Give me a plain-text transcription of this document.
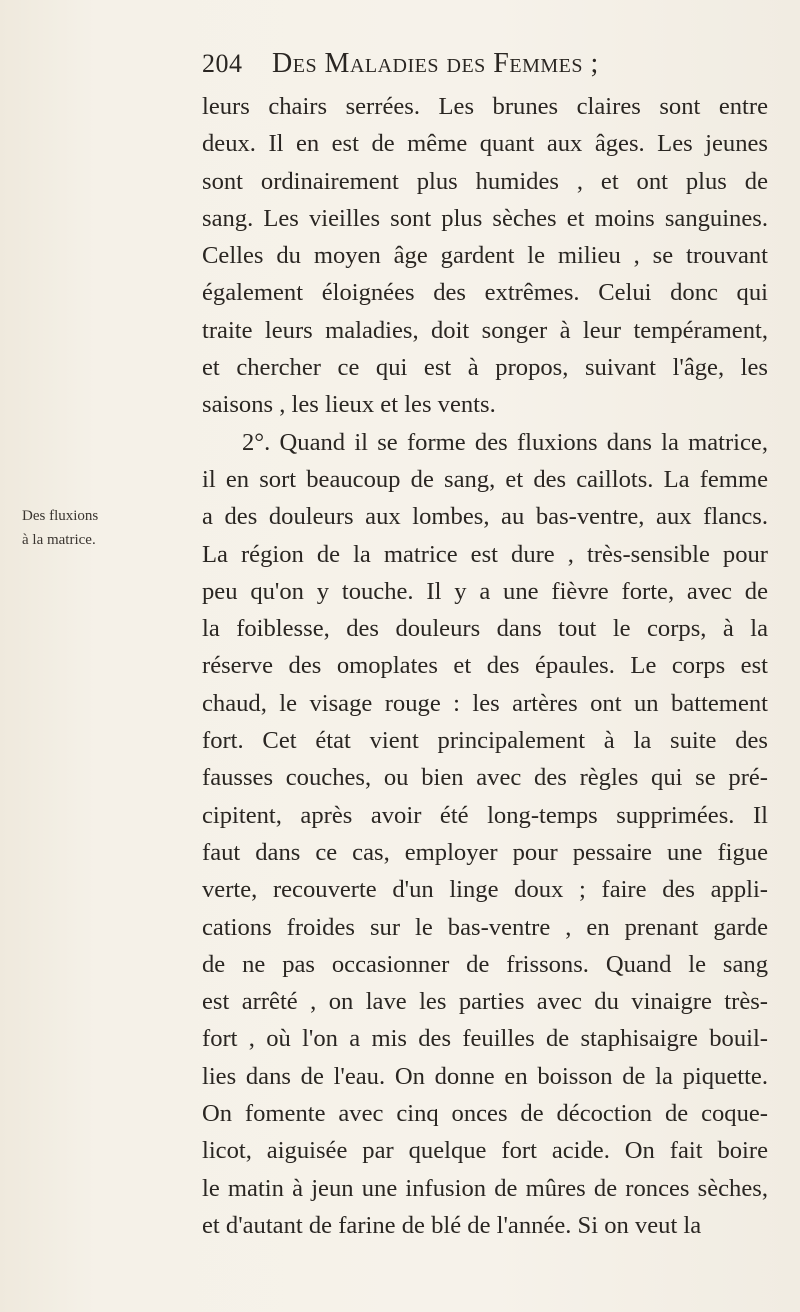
204 Des Maladies des Femmes ;
Des fluxions
à la matrice.
leurs chairs serrées. Les brunes claires sont entre
deux. Il en est de même quant aux âges. Les jeunes
sont ordinairement plus humides , et ont plus de
sang. Les vieilles sont plus sèches et moins sanguines.
Celles du moyen âge gardent le milieu , se trouvant
également éloignées des extrêmes. Celui donc qui
traite leurs maladies, doit songer à leur tempérament,
et chercher ce qui est à propos, suivant l'âge, les
saisons , les lieux et les vents.
2°. Quand il se forme des fluxions dans la matrice,
il en sort beaucoup de sang, et des caillots. La femme
a des douleurs aux lombes, au bas-ventre, aux flancs.
La région de la matrice est dure , très-sensible pour
peu qu'on y touche. Il y a une fièvre forte, avec de
la foiblesse, des douleurs dans tout le corps, à la
réserve des omoplates et des épaules. Le corps est
chaud, le visage rouge : les artères ont un battement
fort. Cet état vient principalement à la suite des
fausses couches, ou bien avec des règles qui se pré-
cipitent, après avoir été long-temps supprimées. Il
faut dans ce cas, employer pour pessaire une figue
verte, recouverte d'un linge doux ; faire des appli-
cations froides sur le bas-ventre , en prenant garde
de ne pas occasionner de frissons. Quand le sang
est arrêté , on lave les parties avec du vinaigre très-
fort , où l'on a mis des feuilles de staphisaigre bouil-
lies dans de l'eau. On donne en boisson de la piquette.
On fomente avec cinq onces de décoction de coque-
licot, aiguisée par quelque fort acide. On fait boire
le matin à jeun une infusion de mûres de ronces sèches,
et d'autant de farine de blé de l'année. Si on veut la
